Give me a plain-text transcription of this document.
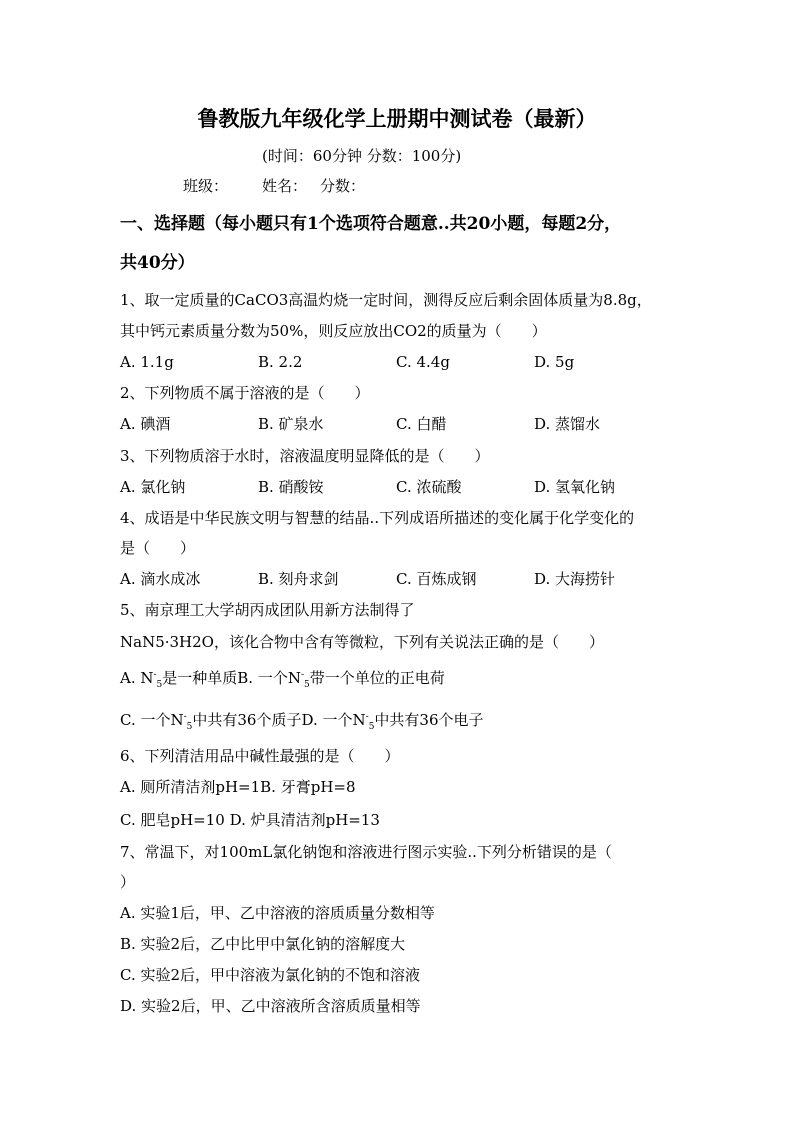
鲁教版九年级化学上册期中测试卷（最新）
(时间：60分钟 分数：100分)
班级： 姓名： 分数：
一、选择题（每小题只有1个选项符合题意..共20小题，每题2分，
共40分）
1、取一定质量的CaCO3高温灼烧一定时间，测得反应后剩余固体质量为8.8g，
其中钙元素质量分数为50%，则反应放出CO2的质量为（　　）
A. 1.1g	B. 2.2	C. 4.4g	D. 5g
2、下列物质不属于溶液的是（　　）
A. 碘酒	B. 矿泉水	C. 白醋	D. 蒸馏水
3、下列物质溶于水时，溶液温度明显降低的是（　　）
A. 氯化钠	B. 硝酸铵	C. 浓硫酸	D. 氢氧化钠
4、成语是中华民族文明与智慧的结晶..下列成语所描述的变化属于化学变化的
是（　　）
A. 滴水成冰	B. 刻舟求剑	C. 百炼成钢	D. 大海捞针
5、南京理工大学胡丙成团队用新方法制得了
NaN5·3H2O，该化合物中含有等微粒，下列有关说法正确的是（　　）
A. $N^-_5$是一种单质B. 一个$N^-_5$带一个单位的正电荷
C. 一个$N^-_5$中共有36个质子D. 一个$N^-_5$中共有36个电子
6、下列清洁用品中碱性最强的是（　　）
A. 厕所清洁剂pH=1B. 牙膏pH=8
C. 肥皂pH=10 D. 炉具清洁剂pH=13
7、常温下，对100mL氯化钠饱和溶液进行图示实验..下列分析错误的是（
）
A. 实验1后，甲、乙中溶液的溶质质量分数相等
B. 实验2后，乙中比甲中氯化钠的溶解度大
C. 实验2后，甲中溶液为氯化钠的不饱和溶液
D. 实验2后，甲、乙中溶液所含溶质质量相等
